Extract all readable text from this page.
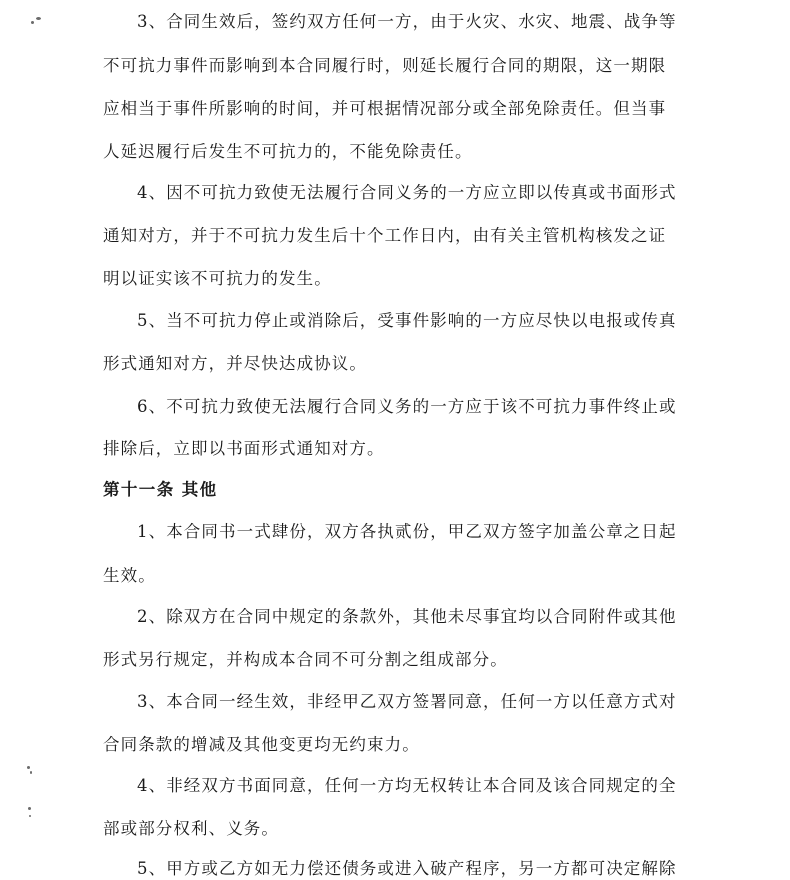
3、合同生效后，签约双方任何一方，由于火灾、水灾、地震、战争等
不可抗力事件而影响到本合同履行时，则延长履行合同的期限，这一期限
应相当于事件所影响的时间，并可根据情况部分或全部免除责任。但当事
人延迟履行后发生不可抗力的，不能免除责任。
4、因不可抗力致使无法履行合同义务的一方应立即以传真或书面形式
通知对方，并于不可抗力发生后十个工作日内，由有关主管机构核发之证
明以证实该不可抗力的发生。
5、当不可抗力停止或消除后，受事件影响的一方应尽快以电报或传真
形式通知对方，并尽快达成协议。
6、不可抗力致使无法履行合同义务的一方应于该不可抗力事件终止或
排除后，立即以书面形式通知对方。
第十一条 其他
1、本合同书一式肆份，双方各执贰份，甲乙双方签字加盖公章之日起
生效。
2、除双方在合同中规定的条款外，其他未尽事宜均以合同附件或其他
形式另行规定，并构成本合同不可分割之组成部分。
3、本合同一经生效，非经甲乙双方签署同意，任何一方以任意方式对
合同条款的增减及其他变更均无约束力。
4、非经双方书面同意，任何一方均无权转让本合同及该合同规定的全
部或部分权利、义务。
5、甲方或乙方如无力偿还债务或进入破产程序，另一方都可决定解除
